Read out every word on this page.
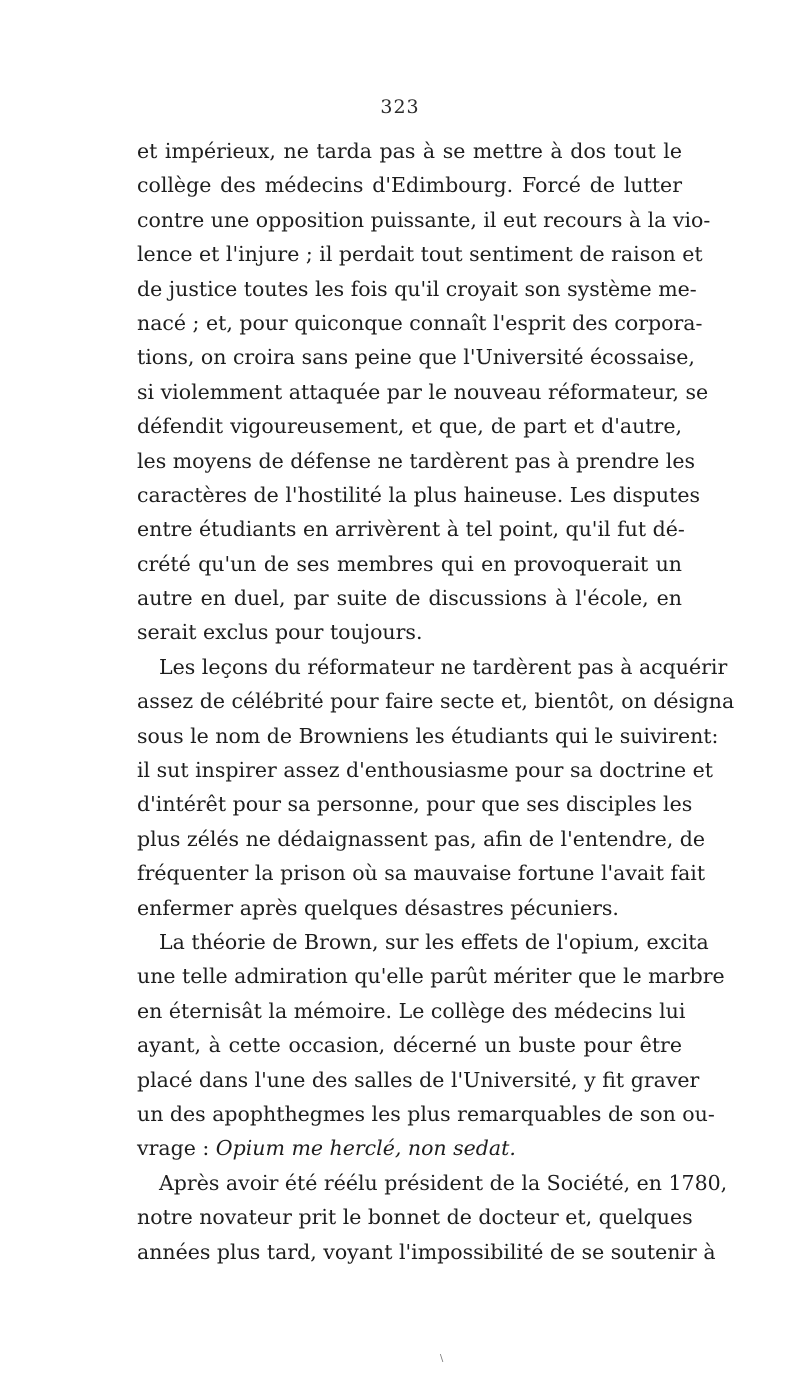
323
et impérieux, ne tarda pas à se mettre à dos tout le
collège des médecins d'Edimbourg. Forcé de lutter
contre une opposition puissante, il eut recours à la vio-
lence et l'injure ; il perdait tout sentiment de raison et
de justice toutes les fois qu'il croyait son système me-
nacé ; et, pour quiconque connaît l'esprit des corpora-
tions, on croira sans peine que l'Université écossaise,
si violemment attaquée par le nouveau réformateur, se
défendit vigoureusement, et que, de part et d'autre,
les moyens de défense ne tardèrent pas à prendre les
caractères de l'hostilité la plus haineuse. Les disputes
entre étudiants en arrivèrent à tel point, qu'il fut dé-
crété qu'un de ses membres qui en provoquerait un
autre en duel, par suite de discussions à l'école, en
serait exclus pour toujours.
Les leçons du réformateur ne tardèrent pas à acquérir
assez de célébrité pour faire secte et, bientôt, on désigna
sous le nom de Browniens les étudiants qui le suivirent:
il sut inspirer assez d'enthousiasme pour sa doctrine et
d'intérêt pour sa personne, pour que ses disciples les
plus zélés ne dédaignassent pas, afin de l'entendre, de
fréquenter la prison où sa mauvaise fortune l'avait fait
enfermer après quelques désastres pécuniers.
La théorie de Brown, sur les effets de l'opium, excita
une telle admiration qu'elle parût mériter que le marbre
en éternisât la mémoire. Le collège des médecins lui
ayant, à cette occasion, décerné un buste pour être
placé dans l'une des salles de l'Université, y fit graver
un des apophthegmes les plus remarquables de son ou-
vrage : Opium me herclé, non sedat.
Après avoir été réélu président de la Société, en 1780,
notre novateur prit le bonnet de docteur et, quelques
années plus tard, voyant l'impossibilité de se soutenir à
∖
